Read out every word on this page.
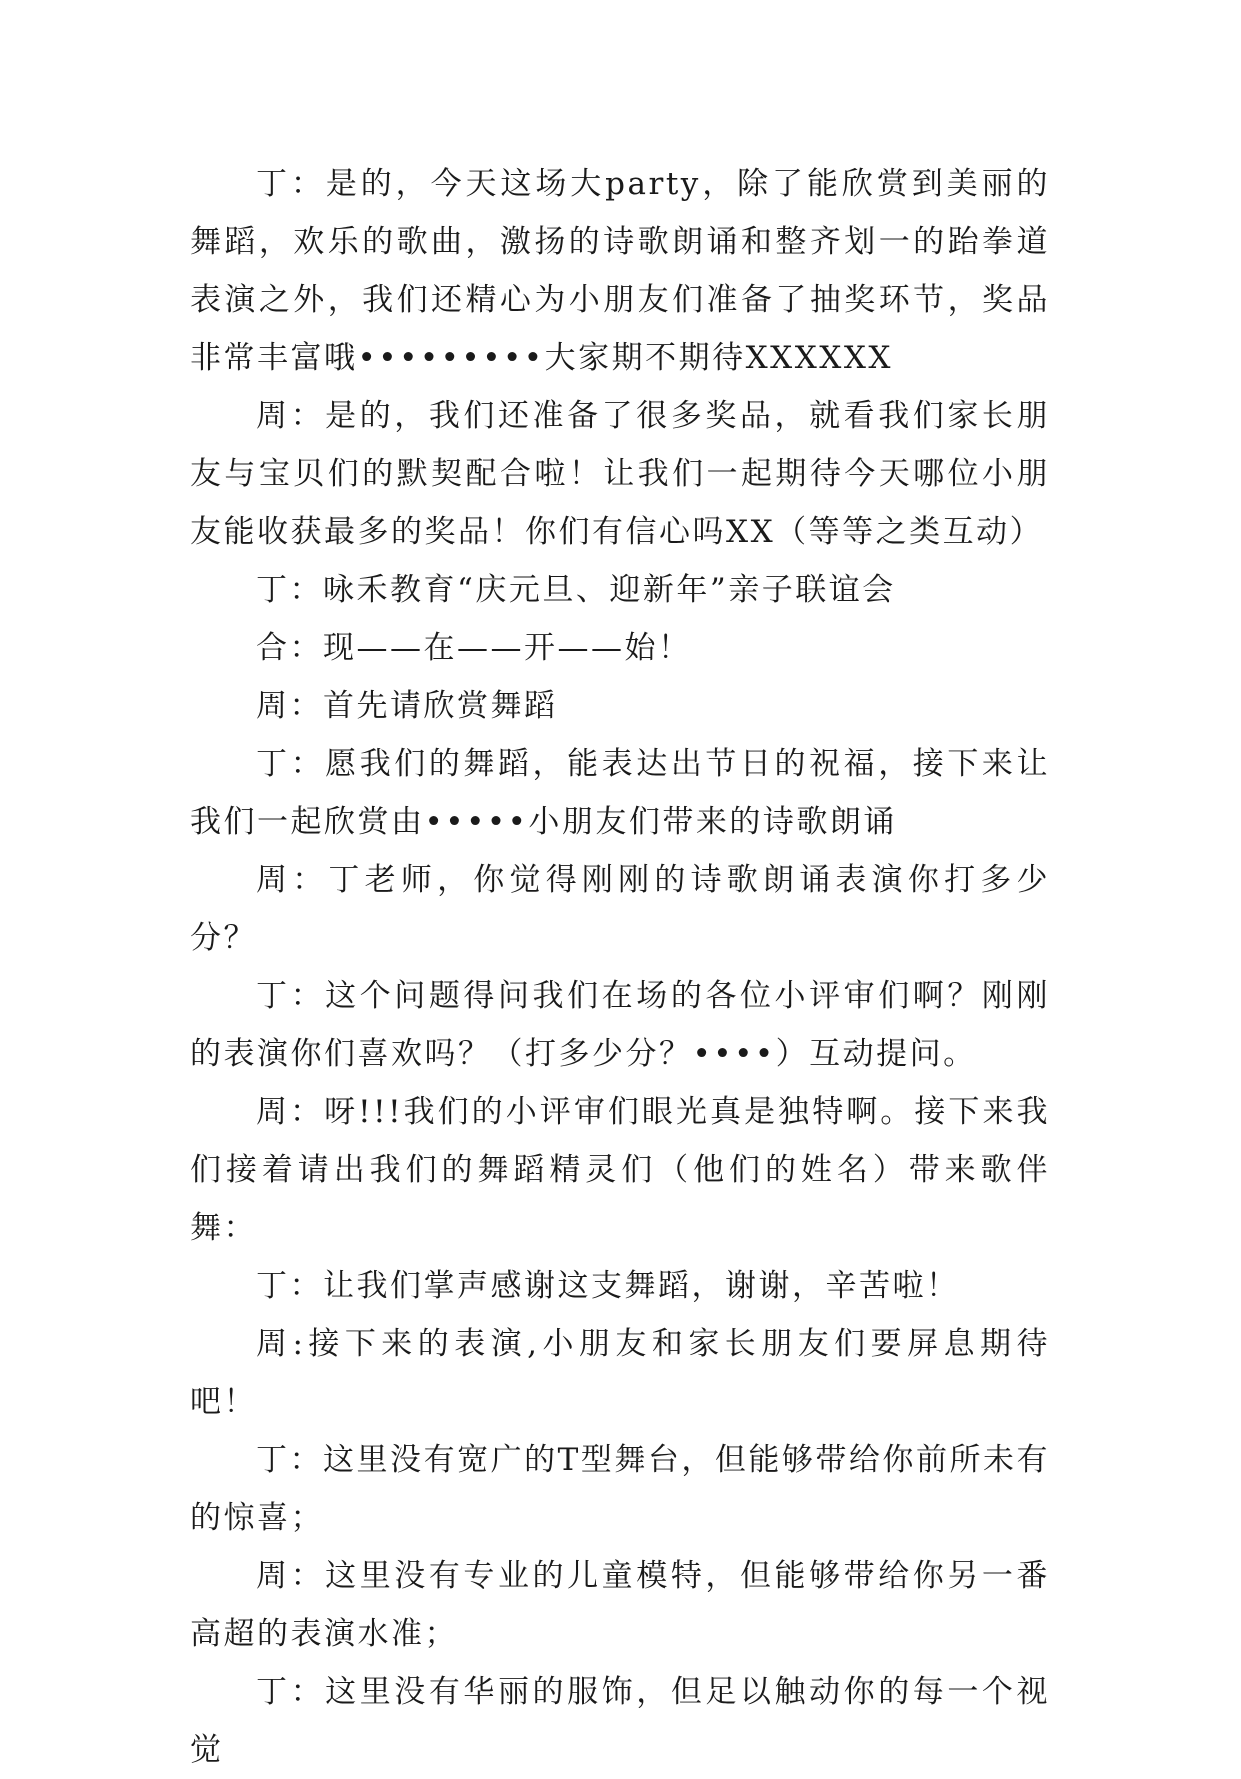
丁：是的，今天这场大party，除了能欣赏到美丽的舞蹈，欢乐的歌曲，激扬的诗歌朗诵和整齐划一的跆拳道表演之外，我们还精心为小朋友们准备了抽奖环节，奖品非常丰富哦•••••••••大家期不期待XXXXXX

周：是的，我们还准备了很多奖品，就看我们家长朋友与宝贝们的默契配合啦！让我们一起期待今天哪位小朋友能收获最多的奖品！你们有信心吗XX（等等之类互动）

丁：咏禾教育“庆元旦、迎新年”亲子联谊会

合：现——在——开——始！

周：首先请欣赏舞蹈

丁：愿我们的舞蹈，能表达出节日的祝福，接下来让我们一起欣赏由•••••小朋友们带来的诗歌朗诵

周：丁老师，你觉得刚刚的诗歌朗诵表演你打多少分？

丁：这个问题得问我们在场的各位小评审们啊？刚刚的表演你们喜欢吗？（打多少分？••••）互动提问。

周：呀!!!我们的小评审们眼光真是独特啊。接下来我们接着请出我们的舞蹈精灵们（他们的姓名）带来歌伴舞：

丁：让我们掌声感谢这支舞蹈，谢谢，辛苦啦！

周:接下来的表演,小朋友和家长朋友们要屏息期待吧！

丁：这里没有宽广的T型舞台，但能够带给你前所未有的惊喜；

周：这里没有专业的儿童模特，但能够带给你另一番高超的表演水准；

丁：这里没有华丽的服饰，但足以触动你的每一个视觉
